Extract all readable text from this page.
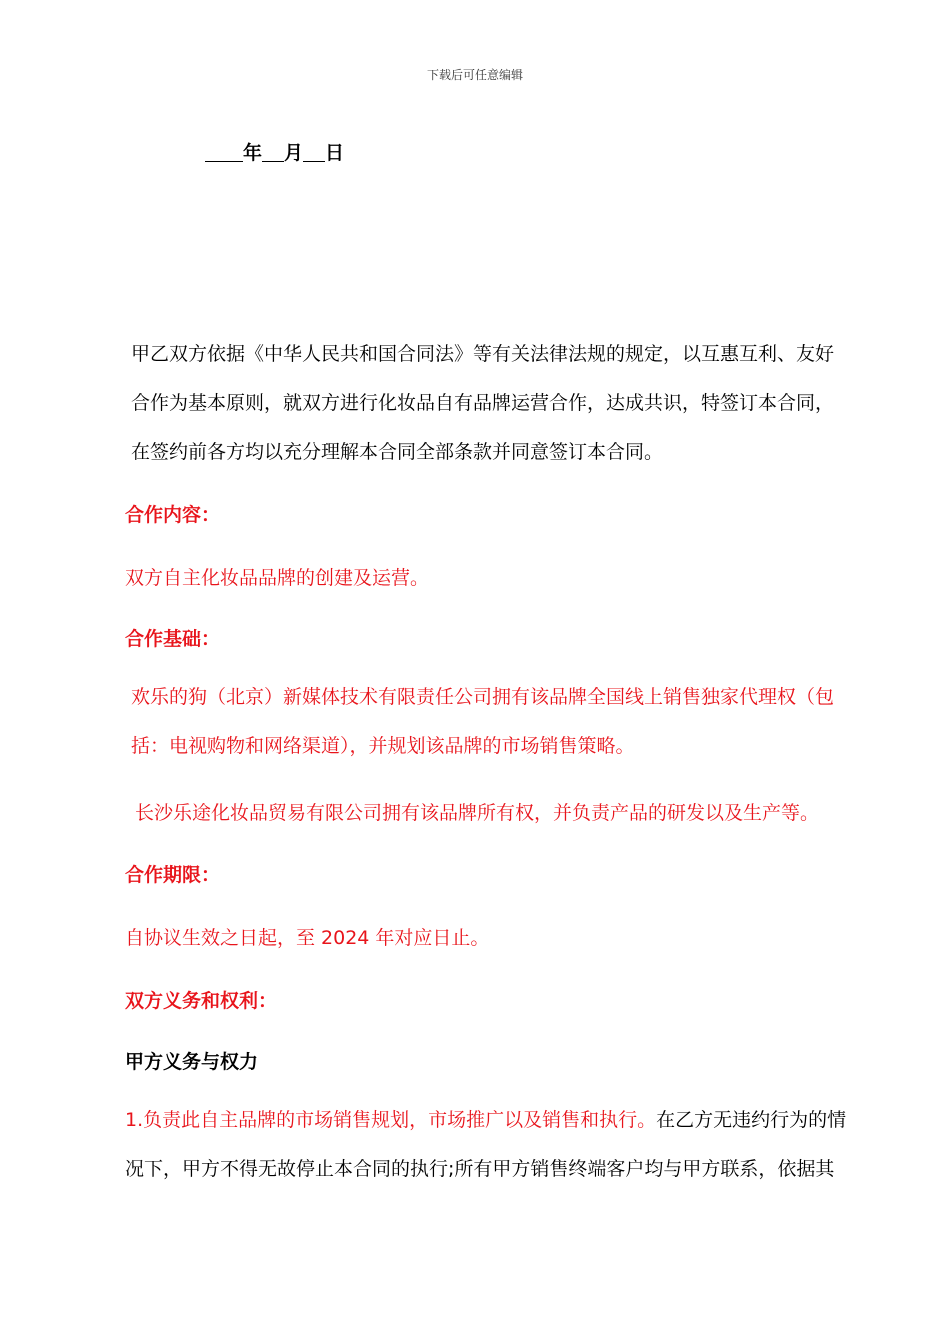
下载后可任意编辑
年 月 日
甲乙双方依据《中华人民共和国合同法》等有关法律法规的规定，以互惠互利、友好
合作为基本原则，就双方进行化妆品自有品牌运营合作，达成共识，特签订本合同，
在签约前各方均以充分理解本合同全部条款并同意签订本合同。
合作内容：
双方自主化妆品品牌的创建及运营。
合作基础：
欢乐的狗（北京）新媒体技术有限责任公司拥有该品牌全国线上销售独家代理权（包
括：电视购物和网络渠道），并规划该品牌的市场销售策略。
长沙乐途化妆品贸易有限公司拥有该品牌所有权，并负责产品的研发以及生产等。
合作期限：
自协议生效之日起，至 2024 年对应日止。
双方义务和权利：
甲方义务与权力
1.负责此自主品牌的市场销售规划，市场推广以及销售和执行。在乙方无违约行为的情
况下，甲方不得无故停止本合同的执行;所有甲方销售终端客户均与甲方联系，依据其
